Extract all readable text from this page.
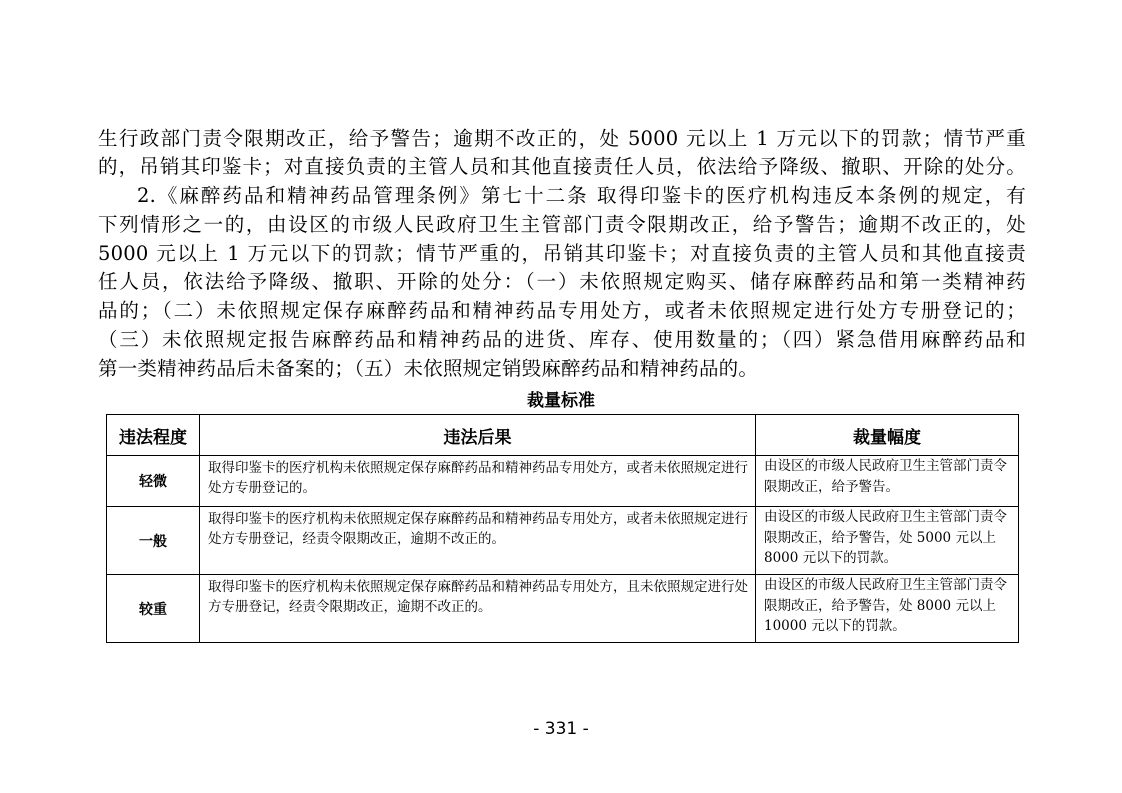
生行政部门责令限期改正，给予警告；逾期不改正的，处 5000 元以上 1 万元以下的罚款；情节严重
的，吊销其印鉴卡；对直接负责的主管人员和其他直接责任人员，依法给予降级、撤职、开除的处分。
2.《麻醉药品和精神药品管理条例》第七十二条 取得印鉴卡的医疗机构违反本条例的规定，有
下列情形之一的，由设区的市级人民政府卫生主管部门责令限期改正，给予警告；逾期不改正的，处
5000 元以上 1 万元以下的罚款；情节严重的，吊销其印鉴卡；对直接负责的主管人员和其他直接责
任人员，依法给予降级、撤职、开除的处分：（一）未依照规定购买、储存麻醉药品和第一类精神药
品的；（二）未依照规定保存麻醉药品和精神药品专用处方，或者未依照规定进行处方专册登记的；
（三）未依照规定报告麻醉药品和精神药品的进货、库存、使用数量的；（四）紧急借用麻醉药品和
第一类精神药品后未备案的；（五）未依照规定销毁麻醉药品和精神药品的。
裁量标准
违法程度	违法后果	裁量幅度
轻微	取得印鉴卡的医疗机构未依照规定保存麻醉药品和精神药品专用处方，或者未依照规定进行处方专册登记的。	由设区的市级人民政府卫生主管部门责令限期改正，给予警告。
一般	取得印鉴卡的医疗机构未依照规定保存麻醉药品和精神药品专用处方，或者未依照规定进行处方专册登记，经责令限期改正，逾期不改正的。	由设区的市级人民政府卫生主管部门责令限期改正，给予警告，处 5000 元以上 8000 元以下的罚款。
较重	取得印鉴卡的医疗机构未依照规定保存麻醉药品和精神药品专用处方，且未依照规定进行处方专册登记，经责令限期改正，逾期不改正的。	由设区的市级人民政府卫生主管部门责令限期改正，给予警告，处 8000 元以上 10000 元以下的罚款。
- 331 -
